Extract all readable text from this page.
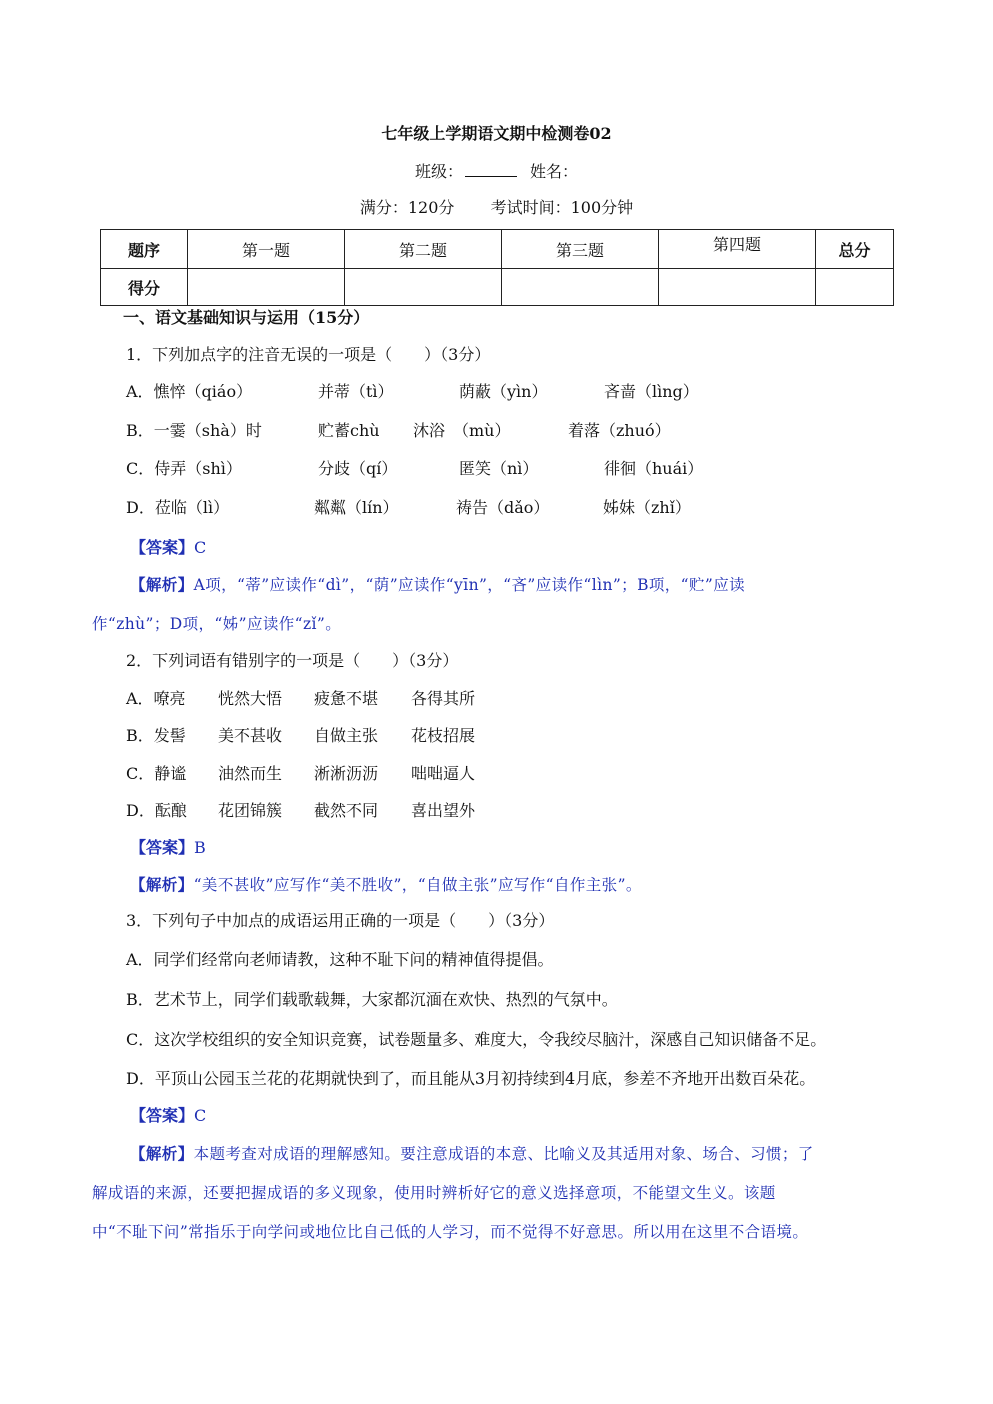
七年级上学期语文期中检测卷02
班级：	姓名：
满分：120分 考试时间：100分钟
题序	第一题	第二题	第三题	第四题	总分
得分					
一、语文基础知识与运用（15分）
1．下列加点字的注音无误的一项是（　　）（3分）
A．憔悴（qiáo）	并蒂（tì）	荫蔽（yìn）	吝啬（lìng）
B．一霎（shà）时	贮蓄chù 沐浴　（mù）	着落（zhuó）
C．侍弄（shì）	分歧（qí）	匿笑（nì）	徘徊（huái）
D．莅临（lì）	粼粼（lín）	祷告（dǎo）	姊妹（zhǐ）
【答案】C
【解析】A项，“蒂”应读作“dì”，“荫”应读作“yīn”，“吝”应读作“lìn”；B项，“贮”应读
作“zhù”；D项，“姊”应读作“zǐ”。
2．下列词语有错别字的一项是（　　）（3分）
A．嘹亮 恍然大悟 疲惫不堪 各得其所
B．发髻 美不甚收 自做主张 花枝招展
C．静谧 油然而生 淅淅沥沥 咄咄逼人
D．酝酿 花团锦簇 截然不同 喜出望外
【答案】B
【解析】“美不甚收”应写作“美不胜收”，“自做主张”应写作“自作主张”。
3．下列句子中加点的成语运用正确的一项是（　　）（3分）
A．同学们经常向老师请教，这种不耻下问的精神值得提倡。
B．艺术节上，同学们载歌载舞，大家都沉湎在欢快、热烈的气氛中。
C．这次学校组织的安全知识竞赛，试卷题量多、难度大，令我绞尽脑汁，深感自己知识储备不足。
D．平顶山公园玉兰花的花期就快到了，而且能从3月初持续到4月底，参差不齐地开出数百朵花。
【答案】C
【解析】本题考查对成语的理解感知。要注意成语的本意、比喻义及其适用对象、场合、习惯；了
解成语的来源，还要把握成语的多义现象，使用时辨析好它的意义选择意项，不能望文生义。该题
中“不耻下问”常指乐于向学问或地位比自己低的人学习，而不觉得不好意思。所以用在这里不合语境。
